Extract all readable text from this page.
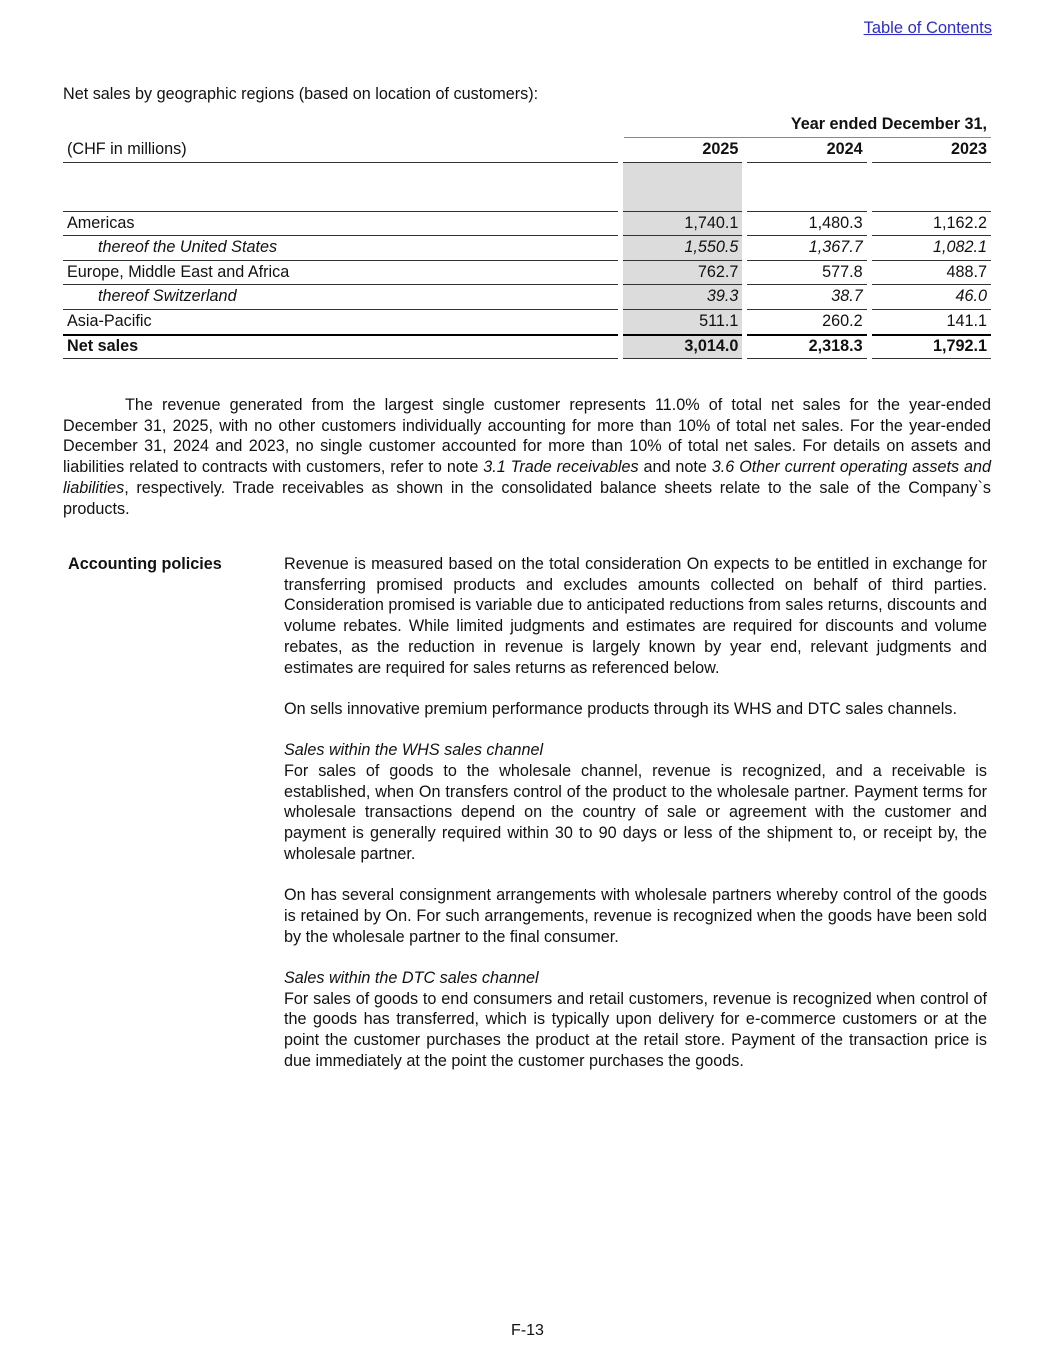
Table of Contents
Net sales by geographic regions (based on location of customers):
Year ended December 31,
(CHF in millions)	2025	2024	2023
Americas	1,740.1	1,480.3	1,162.2
thereof the United States	1,550.5	1,367.7	1,082.1
Europe, Middle East and Africa	762.7	577.8	488.7
thereof Switzerland	39.3	38.7	46.0
Asia-Pacific	511.1	260.2	141.1
Net sales	3,014.0	2,318.3	1,792.1
The revenue generated from the largest single customer represents 11.0% of total net sales for the year-ended December 31, 2025, with no other customers individually accounting for more than 10% of total net sales. For the year-ended December 31, 2024 and 2023, no single customer accounted for more than 10% of total net sales. For details on assets and liabilities related to contracts with customers, refer to note 3.1 Trade receivables and note 3.6 Other current operating assets and liabilities, respectively. Trade receivables as shown in the consolidated balance sheets relate to the sale of the Company`s products.
Accounting policies	Revenue is measured based on the total consideration On expects to be entitled in exchange for transferring promised products and excludes amounts collected on behalf of third parties. Consideration promised is variable due to anticipated reductions from sales returns, discounts and volume rebates. While limited judgments and estimates are required for discounts and volume rebates, as the reduction in revenue is largely known by year end, relevant judgments and estimates are required for sales returns as referenced below.

On sells innovative premium performance products through its WHS and DTC sales channels.

Sales within the WHS sales channel
For sales of goods to the wholesale channel, revenue is recognized, and a receivable is established, when On transfers control of the product to the wholesale partner. Payment terms for wholesale transactions depend on the country of sale or agreement with the customer and payment is generally required within 30 to 90 days or less of the shipment to, or receipt by, the wholesale partner.

On has several consignment arrangements with wholesale partners whereby control of the goods is retained by On. For such arrangements, revenue is recognized when the goods have been sold by the wholesale partner to the final consumer.

Sales within the DTC sales channel
For sales of goods to end consumers and retail customers, revenue is recognized when control of the goods has transferred, which is typically upon delivery for e-commerce customers or at the point the customer purchases the product at the retail store. Payment of the transaction price is due immediately at the point the customer purchases the goods.

F-13
